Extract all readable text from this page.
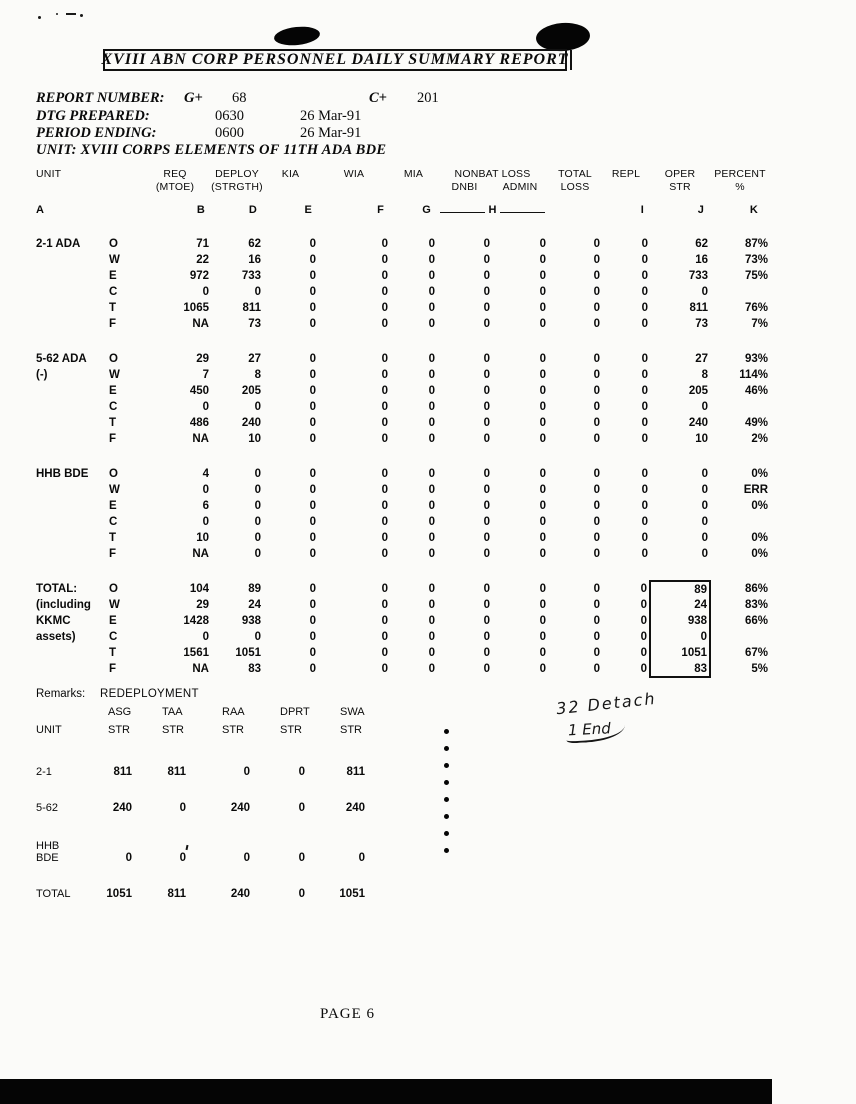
XVIII ABN CORP PERSONNEL DAILY SUMMARY REPORT
REPORT NUMBER: G+ 68	C+ 201
DTG PREPARED:	0630	26 Mar-91
PERIOD ENDING:	0600	26 Mar-91
UNIT: XVIII CORPS ELEMENTS OF 11TH ADA BDE
UNIT		REQ	DEPLOY	KIA	WIA	MIA	NONBAT LOSS		TOTAL	REPL	OPER	PERCENT
		(MTOE)	(STRGTH)				DNBI	ADMIN	LOSS		STR	%
A		B	D	E	F	G	H			I	J	K

2-1 ADA	O	71	62	0	0	0	0	0	0	0	62	87%
	W	22	16	0	0	0	0	0	0	0	16	73%
	E	972	733	0	0	0	0	0	0	0	733	75%
	C	0	0	0	0	0	0	0	0	0	0	
	T	1065	811	0	0	0	0	0	0	0	811	76%
	F	NA	73	0	0	0	0	0	0	0	73	7%

5-62 ADA	O	29	27	0	0	0	0	0	0	0	27	93%
(-)	W	7	8	0	0	0	0	0	0	0	8	114%
	E	450	205	0	0	0	0	0	0	0	205	46%
	C	0	0	0	0	0	0	0	0	0	0	
	T	486	240	0	0	0	0	0	0	0	240	49%
	F	NA	10	0	0	0	0	0	0	0	10	2%

HHB BDE	O	4	0	0	0	0	0	0	0	0	0	0%
	W	0	0	0	0	0	0	0	0	0	0	ERR
	E	6	0	0	0	0	0	0	0	0	0	0%
	C	0	0	0	0	0	0	0	0	0	0	
	T	10	0	0	0	0	0	0	0	0	0	0%
	F	NA	0	0	0	0	0	0	0	0	0	0%

TOTAL:	O	104	89	0	0	0	0	0	0	0	89	86%
(including	W	29	24	0	0	0	0	0	0	0	24	83%
KKMC	E	1428	938	0	0	0	0	0	0	0	938	66%
assets)	C	0	0	0	0	0	0	0	0	0	0	
	T	1561	1051	0	0	0	0	0	0	0	1051	67%
	F	NA	83	0	0	0	0	0	0	0	83	5%
Remarks: REDEPLOYMENT
	ASG	TAA	RAA	DPRT	SWA
UNIT	STR	STR	STR	STR	STR

2-1	811	811	0	0	811

5-62	240	0	240	0	240

HHB
BDE	0	0	0	0	0

TOTAL	1051	811	240	0	1051
32 Detach
1 End
PAGE 6
